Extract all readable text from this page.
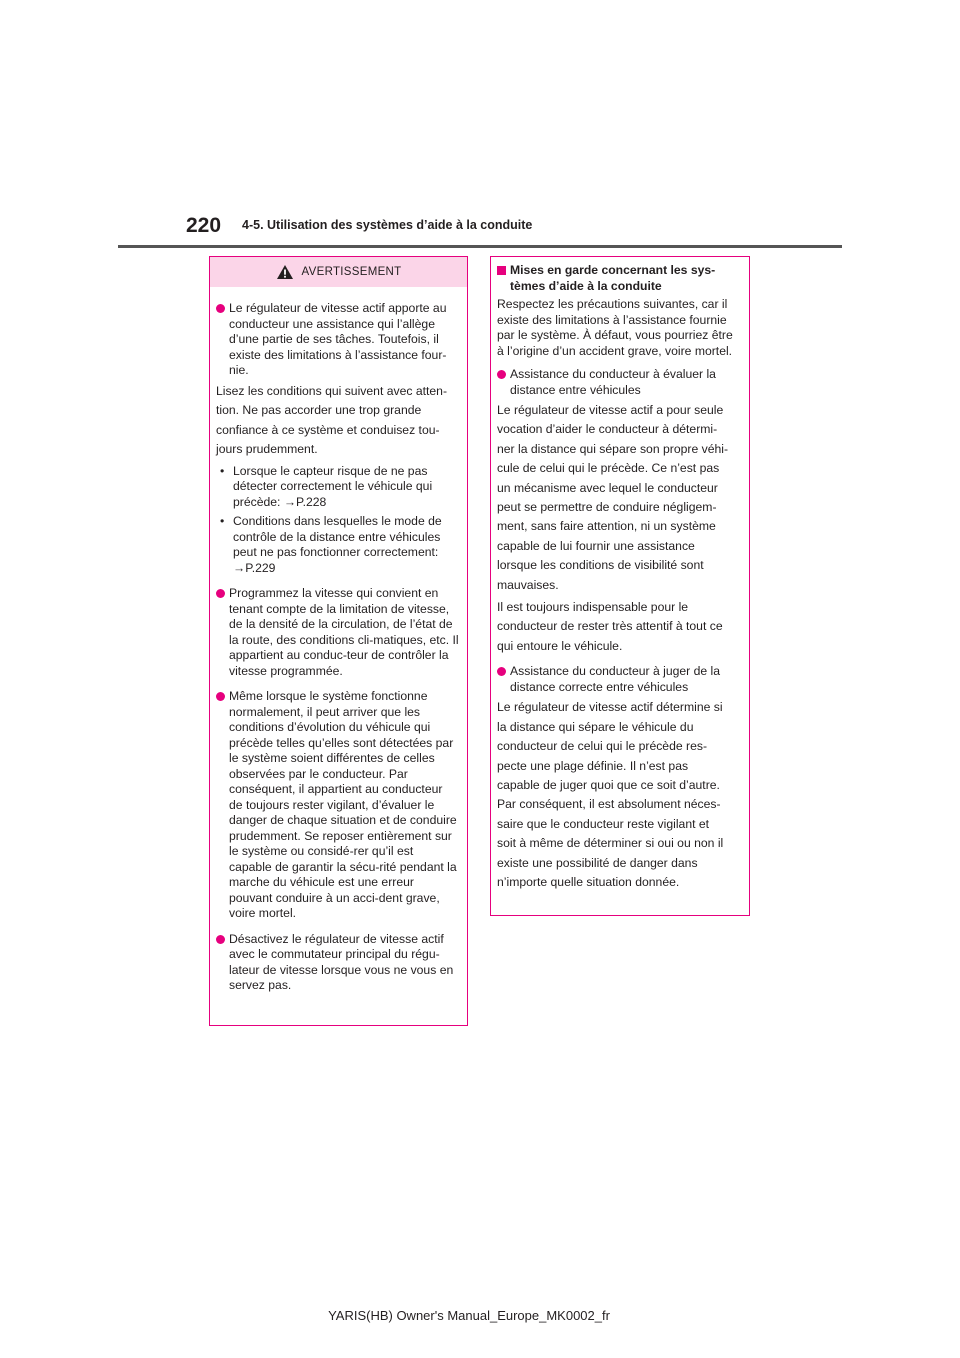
220 4-5. Utilisation des systèmes d’aide à la conduite
AVERTISSEMENT
Le régulateur de vitesse actif apporte au conducteur une assistance qui l’allège d’une partie de ses tâches. Toutefois, il existe des limitations à l’assistance four-nie.
Lisez les conditions qui suivent avec atten-
tion. Ne pas accorder une trop grande
confiance à ce système et conduisez tou-
jours prudemment.
• Lorsque le capteur risque de ne pas détecter correctement le véhicule qui précède: →P.228
• Conditions dans lesquelles le mode de contrôle de la distance entre véhicules peut ne pas fonctionner correctement: →P.229
Programmez la vitesse qui convient en tenant compte de la limitation de vitesse, de la densité de la circulation, de l’état de la route, des conditions cli-matiques, etc. Il appartient au conduc-teur de contrôler la vitesse programmée.
Même lorsque le système fonctionne normalement, il peut arriver que les conditions d’évolution du véhicule qui précède telles qu’elles sont détectées par le système soient différentes de celles observées par le conducteur. Par conséquent, il appartient au conducteur de toujours rester vigilant, d’évaluer le danger de chaque situation et de conduire prudemment. Se reposer entièrement sur le système ou considé-rer qu’il est capable de garantir la sécu-rité pendant la marche du véhicule est une erreur pouvant conduire à un acci-dent grave, voire mortel.
Désactivez le régulateur de vitesse actif avec le commutateur principal du régu-lateur de vitesse lorsque vous ne vous en servez pas.
Mises en garde concernant les sys-tèmes d’aide à la conduite
Respectez les précautions suivantes, car il existe des limitations à l’assistance fournie par le système. À défaut, vous pourriez être à l’origine d’un accident grave, voire mortel.
Assistance du conducteur à évaluer la distance entre véhicules
Le régulateur de vitesse actif a pour seule
vocation d’aider le conducteur à détermi-
ner la distance qui sépare son propre véhi-
cule de celui qui le précède. Ce n’est pas
un mécanisme avec lequel le conducteur
peut se permettre de conduire négligem-
ment, sans faire attention, ni un système
capable de lui fournir une assistance
lorsque les conditions de visibilité sont
mauvaises.
Il est toujours indispensable pour le
conducteur de rester très attentif à tout ce
qui entoure le véhicule.
Assistance du conducteur à juger de la distance correcte entre véhicules
Le régulateur de vitesse actif détermine si
la distance qui sépare le véhicule du
conducteur de celui qui le précède res-
pecte une plage définie. Il n’est pas
capable de juger quoi que ce soit d’autre.
Par conséquent, il est absolument néces-
saire que le conducteur reste vigilant et
soit à même de déterminer si oui ou non il
existe une possibilité de danger dans
n’importe quelle situation donnée.
YARIS(HB) Owner's Manual_Europe_MK0002_fr
